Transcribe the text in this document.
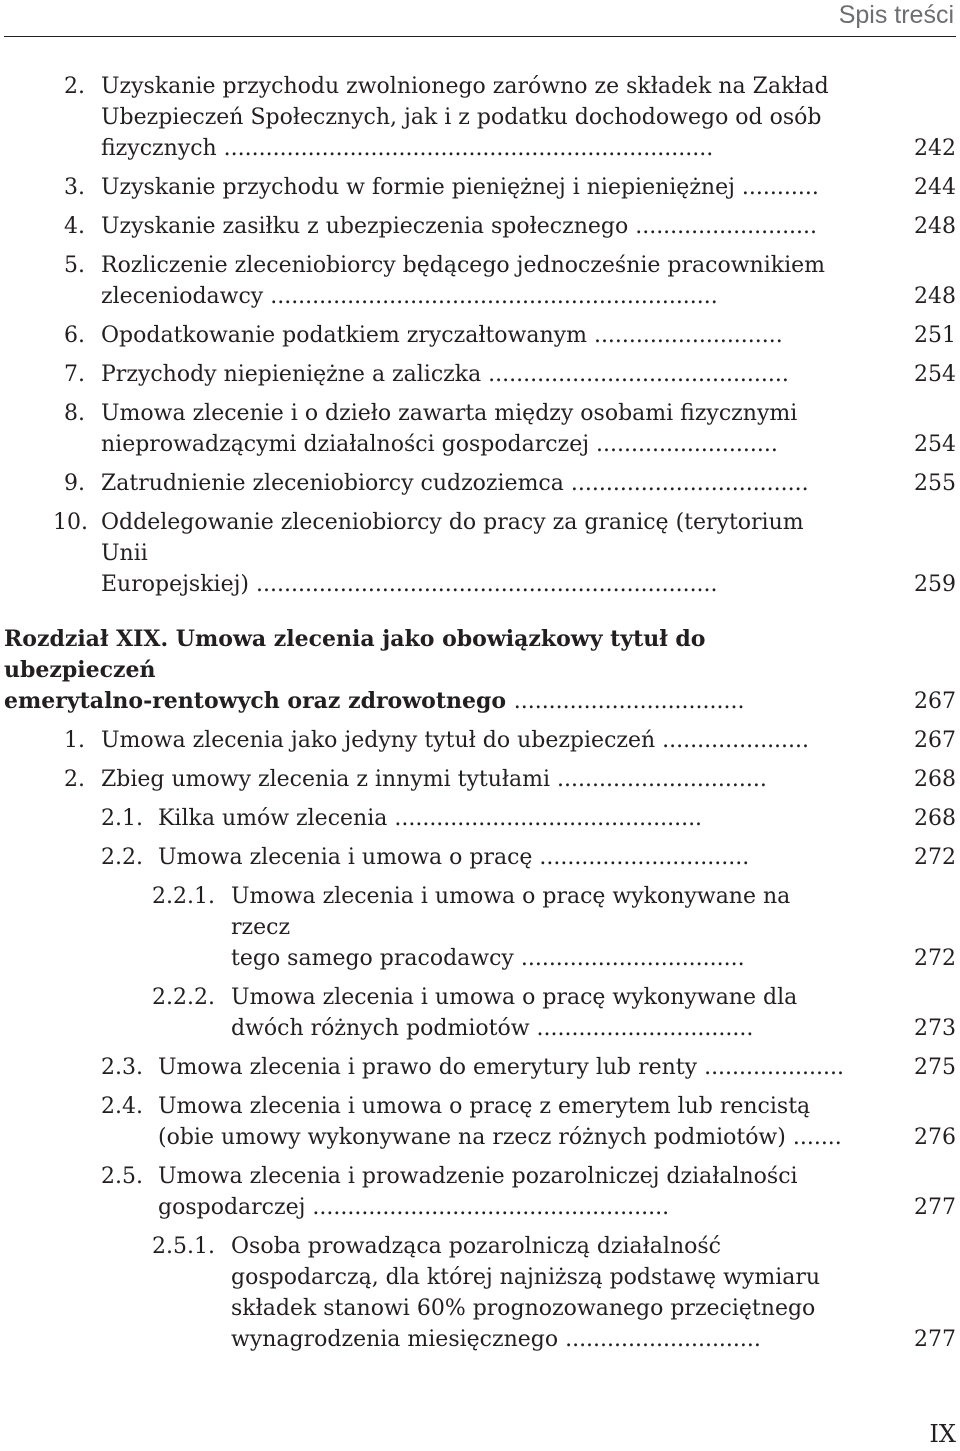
Spis treści
2. Uzyskanie przychodu zwolnionego zarówno ze składek na Zakład
Ubezpieczeń Społecznych, jak i z podatku dochodowego od osób
fizycznych ......................................................................	242
3. Uzyskanie przychodu w formie pieniężnej i niepieniężnej ...........	244
4. Uzyskanie zasiłku z ubezpieczenia społecznego ..........................	248
5. Rozliczenie zleceniobiorcy będącego jednocześnie pracownikiem
zleceniodawcy ................................................................	248
6. Opodatkowanie podatkiem zryczałtowanym ...........................	251
7. Przychody niepieniężne a zaliczka ...........................................	254
8. Umowa zlecenie i o dzieło zawarta między osobami fizycznymi
nieprowadzącymi działalności gospodarczej ..........................	254
9. Zatrudnienie zleceniobiorcy cudzoziemca ..................................	255
10. Oddelegowanie zleceniobiorcy do pracy za granicę (terytorium Unii
Europejskiej) ..................................................................	259
Rozdział XIX. Umowa zlecenia jako obowiązkowy tytuł do ubezpieczeń
emerytalno-rentowych oraz zdrowotnego .................................	267
1. Umowa zlecenia jako jedyny tytuł do ubezpieczeń .....................	267
2. Zbieg umowy zlecenia z innymi tytułami ..............................	268
2.1. Kilka umów zlecenia ............................................	268
2.2. Umowa zlecenia i umowa o pracę ..............................	272
2.2.1. Umowa zlecenia i umowa o pracę wykonywane na rzecz
tego samego pracodawcy ................................	272
2.2.2. Umowa zlecenia i umowa o pracę wykonywane dla
dwóch różnych podmiotów ...............................	273
2.3. Umowa zlecenia i prawo do emerytury lub renty ....................	275
2.4. Umowa zlecenia i umowa o pracę z emerytem lub rencistą
(obie umowy wykonywane na rzecz różnych podmiotów) .......	276
2.5. Umowa zlecenia i prowadzenie pozarolniczej działalności
gospodarczej ...................................................	277
2.5.1. Osoba prowadząca pozarolniczą działalność
gospodarczą, dla której najniższą podstawę wymiaru
składek stanowi 60% prognozowanego przeciętnego
wynagrodzenia miesięcznego ............................	277
IX
